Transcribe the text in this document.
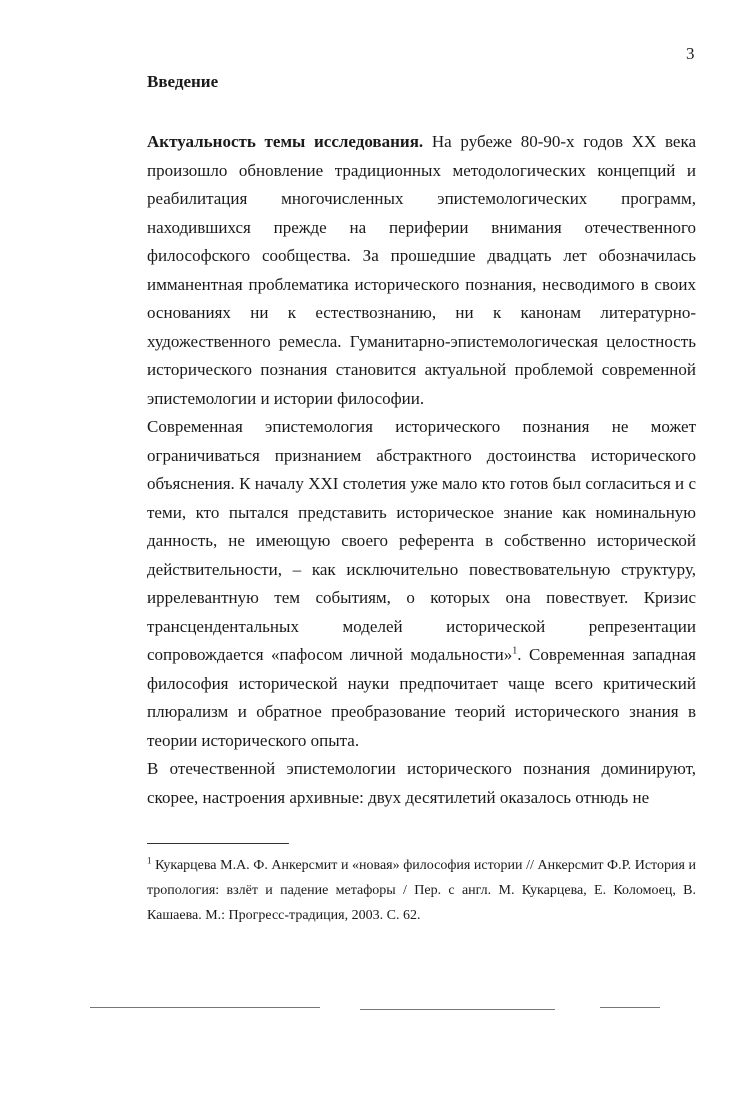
3
Введение

Актуальность темы исследования. На рубеже 80-90-х годов XX века произошло обновление традиционных методологических концепций и реабилитация многочисленных эпистемологических программ, находившихся прежде на периферии внимания отечественного философского сообщества. За прошедшие двадцать лет обозначилась имманентная проблематика исторического познания, несводимого в своих основаниях ни к естествознанию, ни к канонам литературно-художественного ремесла. Гуманитарно-эпистемологическая целостность исторического познания становится актуальной проблемой современной эпистемологии и истории философии.

Современная эпистемология исторического познания не может ограничиваться признанием абстрактного достоинства исторического объяснения. К началу XXI столетия уже мало кто готов был согласиться и с теми, кто пытался представить историческое знание как номинальную данность, не имеющую своего референта в собственно исторической действительности, – как исключительно повествовательную структуру, иррелевантную тем событиям, о которых она повествует. Кризис трансцендентальных моделей исторической репрезентации сопровождается «пафосом личной модальности»$^1$. Современная западная философия исторической науки предпочитает чаще всего критический плюрализм и обратное преобразование теорий исторического знания в теории исторического опыта.

В отечественной эпистемологии исторического познания доминируют, скорее, настроения архивные: двух десятилетий оказалось отнюдь не

$^1$ Кукарцева М.А. Ф. Анкерсмит и «новая» философия истории // Анкерсмит Ф.Р. История и тропология: взлёт и падение метафоры / Пер. с англ. М. Кукарцева, Е. Коломоец, В. Кашаева. М.: Прогресс-традиция, 2003. С. 62.
